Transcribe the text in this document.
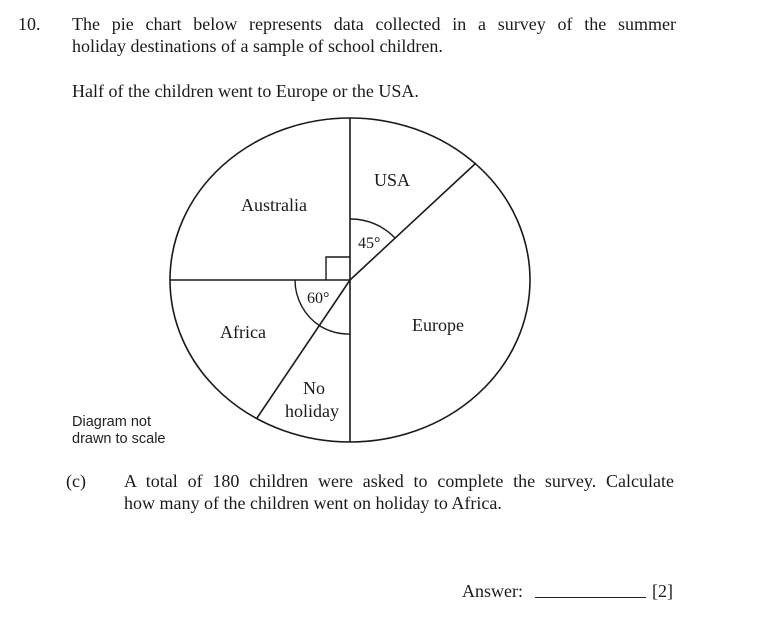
10. The pie chart below represents data collected in a survey of the summer
holiday destinations of a sample of school children.
Half of the children went to Europe or the USA.
Australia
USA
Europe
Africa
No
holiday
45°
60°
Diagram not
drawn to scale
(c) A total of 180 children were asked to complete the survey. Calculate
how many of the children went on holiday to Africa.
Answer:	[2]
